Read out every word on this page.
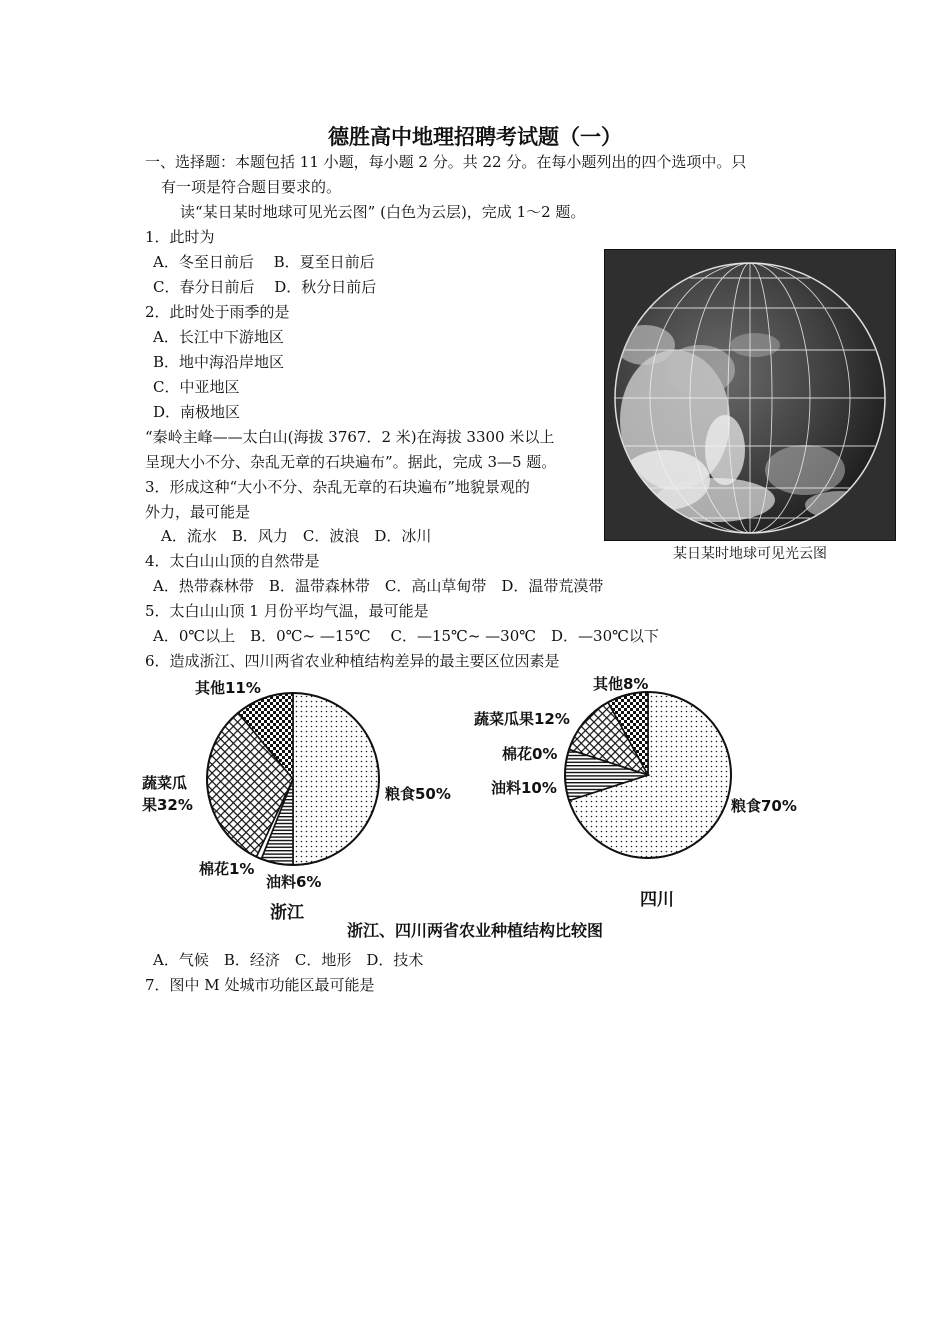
德胜高中地理招聘考试题（一）
一、选择题：本题包括 11 小题，每小题 2 分。共 22 分。在每小题列出的四个选项中。只
有一项是符合题目要求的。
读“某日某时地球可见光云图” (白色为云层)，完成 1～2 题。
1．此时为
A．冬至日前后　 B．夏至日前后
C．春分日前后　 D．秋分日前后
2．此时处于雨季的是
A．长江中下游地区
B．地中海沿岸地区
C．中亚地区
D．南极地区
“秦岭主峰——太白山(海拔 3767．2 米)在海拔 3300 米以上
呈现大小不分、杂乱无章的石块遍布”。据此，完成 3—5 题。
3．形成这种“大小不分、杂乱无章的石块遍布”地貌景观的
外力，最可能是
A．流水　B．风力　C．波浪　D．冰川
某日某时地球可见光云图
4．太白山山顶的自然带是
A．热带森林带　B．温带森林带　C．高山草甸带　D．温带荒漠带
5．太白山山顶 1 月份平均气温，最可能是
A．0℃以上　B．0℃~ —15℃　 C．—15℃~ —30℃　D．—30℃以下
6．造成浙江、四川两省农业种植结构差异的最主要区位因素是
其他11%
蔬菜瓜
果32%
粮食50%
棉花1%
油料6%
浙江
其他8%
蔬菜瓜果12%
棉花0%
油料10%
粮食70%
四川
浙江、四川两省农业种植结构比较图
A．气候　B．经济　C．地形　D．技术
7．图中 M 处城市功能区最可能是
